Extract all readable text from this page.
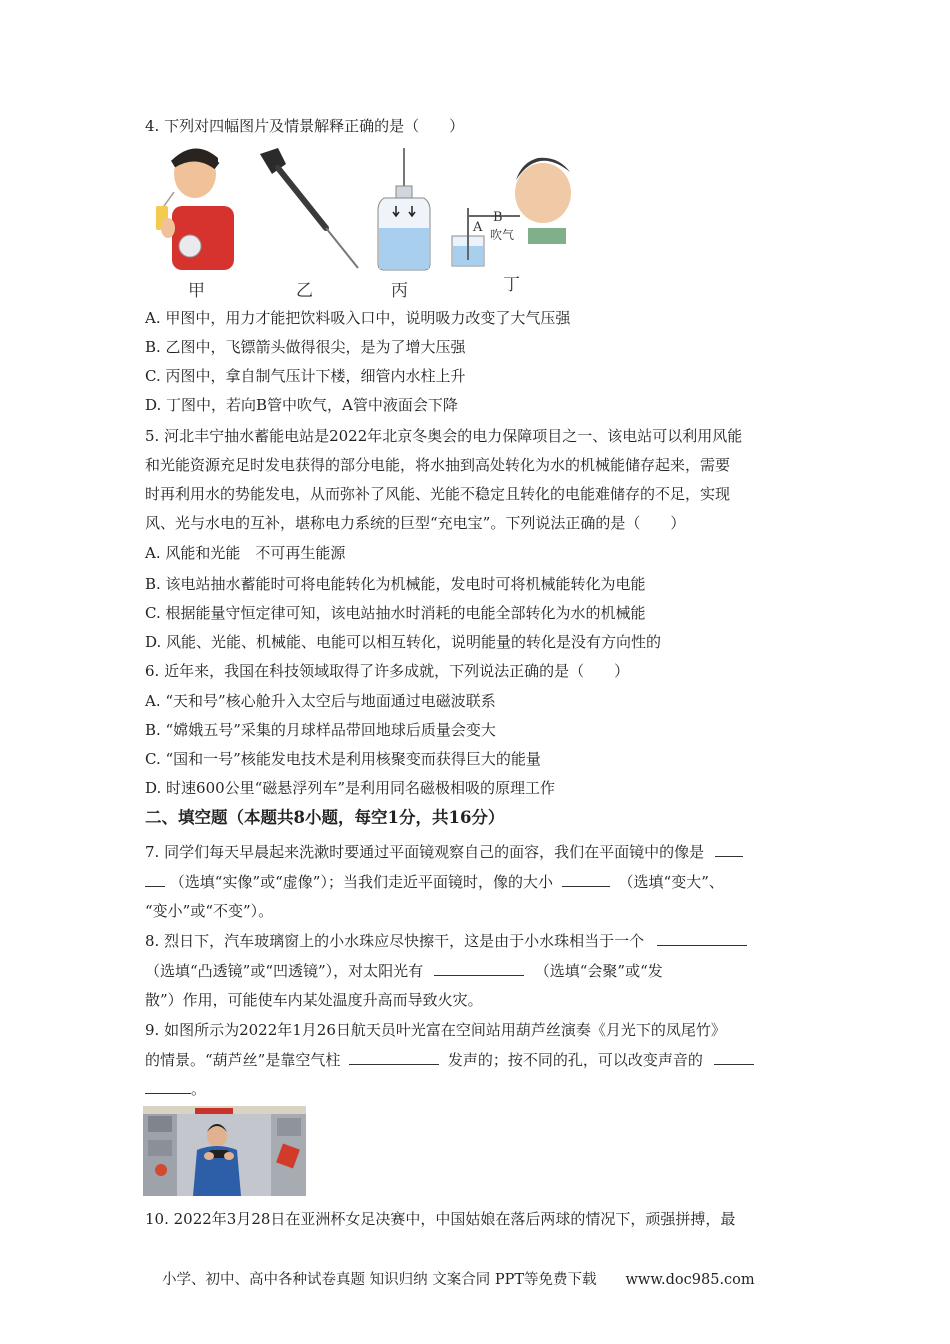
4. 下列对四幅图片及情景解释正确的是（　　）
甲	乙	丙
B
A 吹气
丁
A. 甲图中，用力才能把饮料吸入口中，说明吸力改变了大气压强
B. 乙图中，飞镖箭头做得很尖，是为了增大压强
C. 丙图中，拿自制气压计下楼，细管内水柱上升
D. 丁图中，若向B管中吹气，A管中液面会下降
5. 河北丰宁抽水蓄能电站是2022年北京冬奥会的电力保障项目之一、该电站可以利用风能
和光能资源充足时发电获得的部分电能，将水抽到高处转化为水的机械能储存起来，需要
时再利用水的势能发电，从而弥补了风能、光能不稳定且转化的电能难储存的不足，实现
风、光与水电的互补，堪称电力系统的巨型“充电宝”。下列说法正确的是（　　）
A. 风能和光能　不可再生能源
B. 该电站抽水蓄能时可将电能转化为机械能，发电时可将机械能转化为电能
C. 根据能量守恒定律可知，该电站抽水时消耗的电能全部转化为水的机械能
D. 风能、光能、机械能、电能可以相互转化，说明能量的转化是没有方向性的
6. 近年来，我国在科技领域取得了许多成就，下列说法正确的是（　　）
A. “天和号”核心舱升入太空后与地面通过电磁波联系
B. “嫦娥五号”采集的月球样品带回地球后质量会变大
C. “国和一号”核能发电技术是利用核聚变而获得巨大的能量
D. 时速600公里“磁悬浮列车”是利用同名磁极相吸的原理工作
二、填空题（本题共8小题，每空1分，共16分）
7. 同学们每天早晨起来洗漱时要通过平面镜观察自己的面容，我们在平面镜中的像是
（选填“实像”或“虚像”）；当我们走近平面镜时，像的大小	（选填“变大”、
“变小”或“不变”）。
8. 烈日下，汽车玻璃窗上的小水珠应尽快擦干，这是由于小水珠相当于一个
（选填“凸透镜”或“凹透镜”），对太阳光有	（选填“会聚”或“发
散”）作用，可能使车内某处温度升高而导致火灾。
9. 如图所示为2022年1月26日航天员叶光富在空间站用葫芦丝演奏《月光下的凤尾竹》
的情景。“葫芦丝”是靠空气柱	发声的；按不同的孔，可以改变声音的
。
10. 2022年3月28日在亚洲杯女足决赛中，中国姑娘在落后两球的情况下，顽强拼搏，最
小学、初中、高中各种试卷真题 知识归纳 文案合同 PPT等免费下载　　www.doc985.com
